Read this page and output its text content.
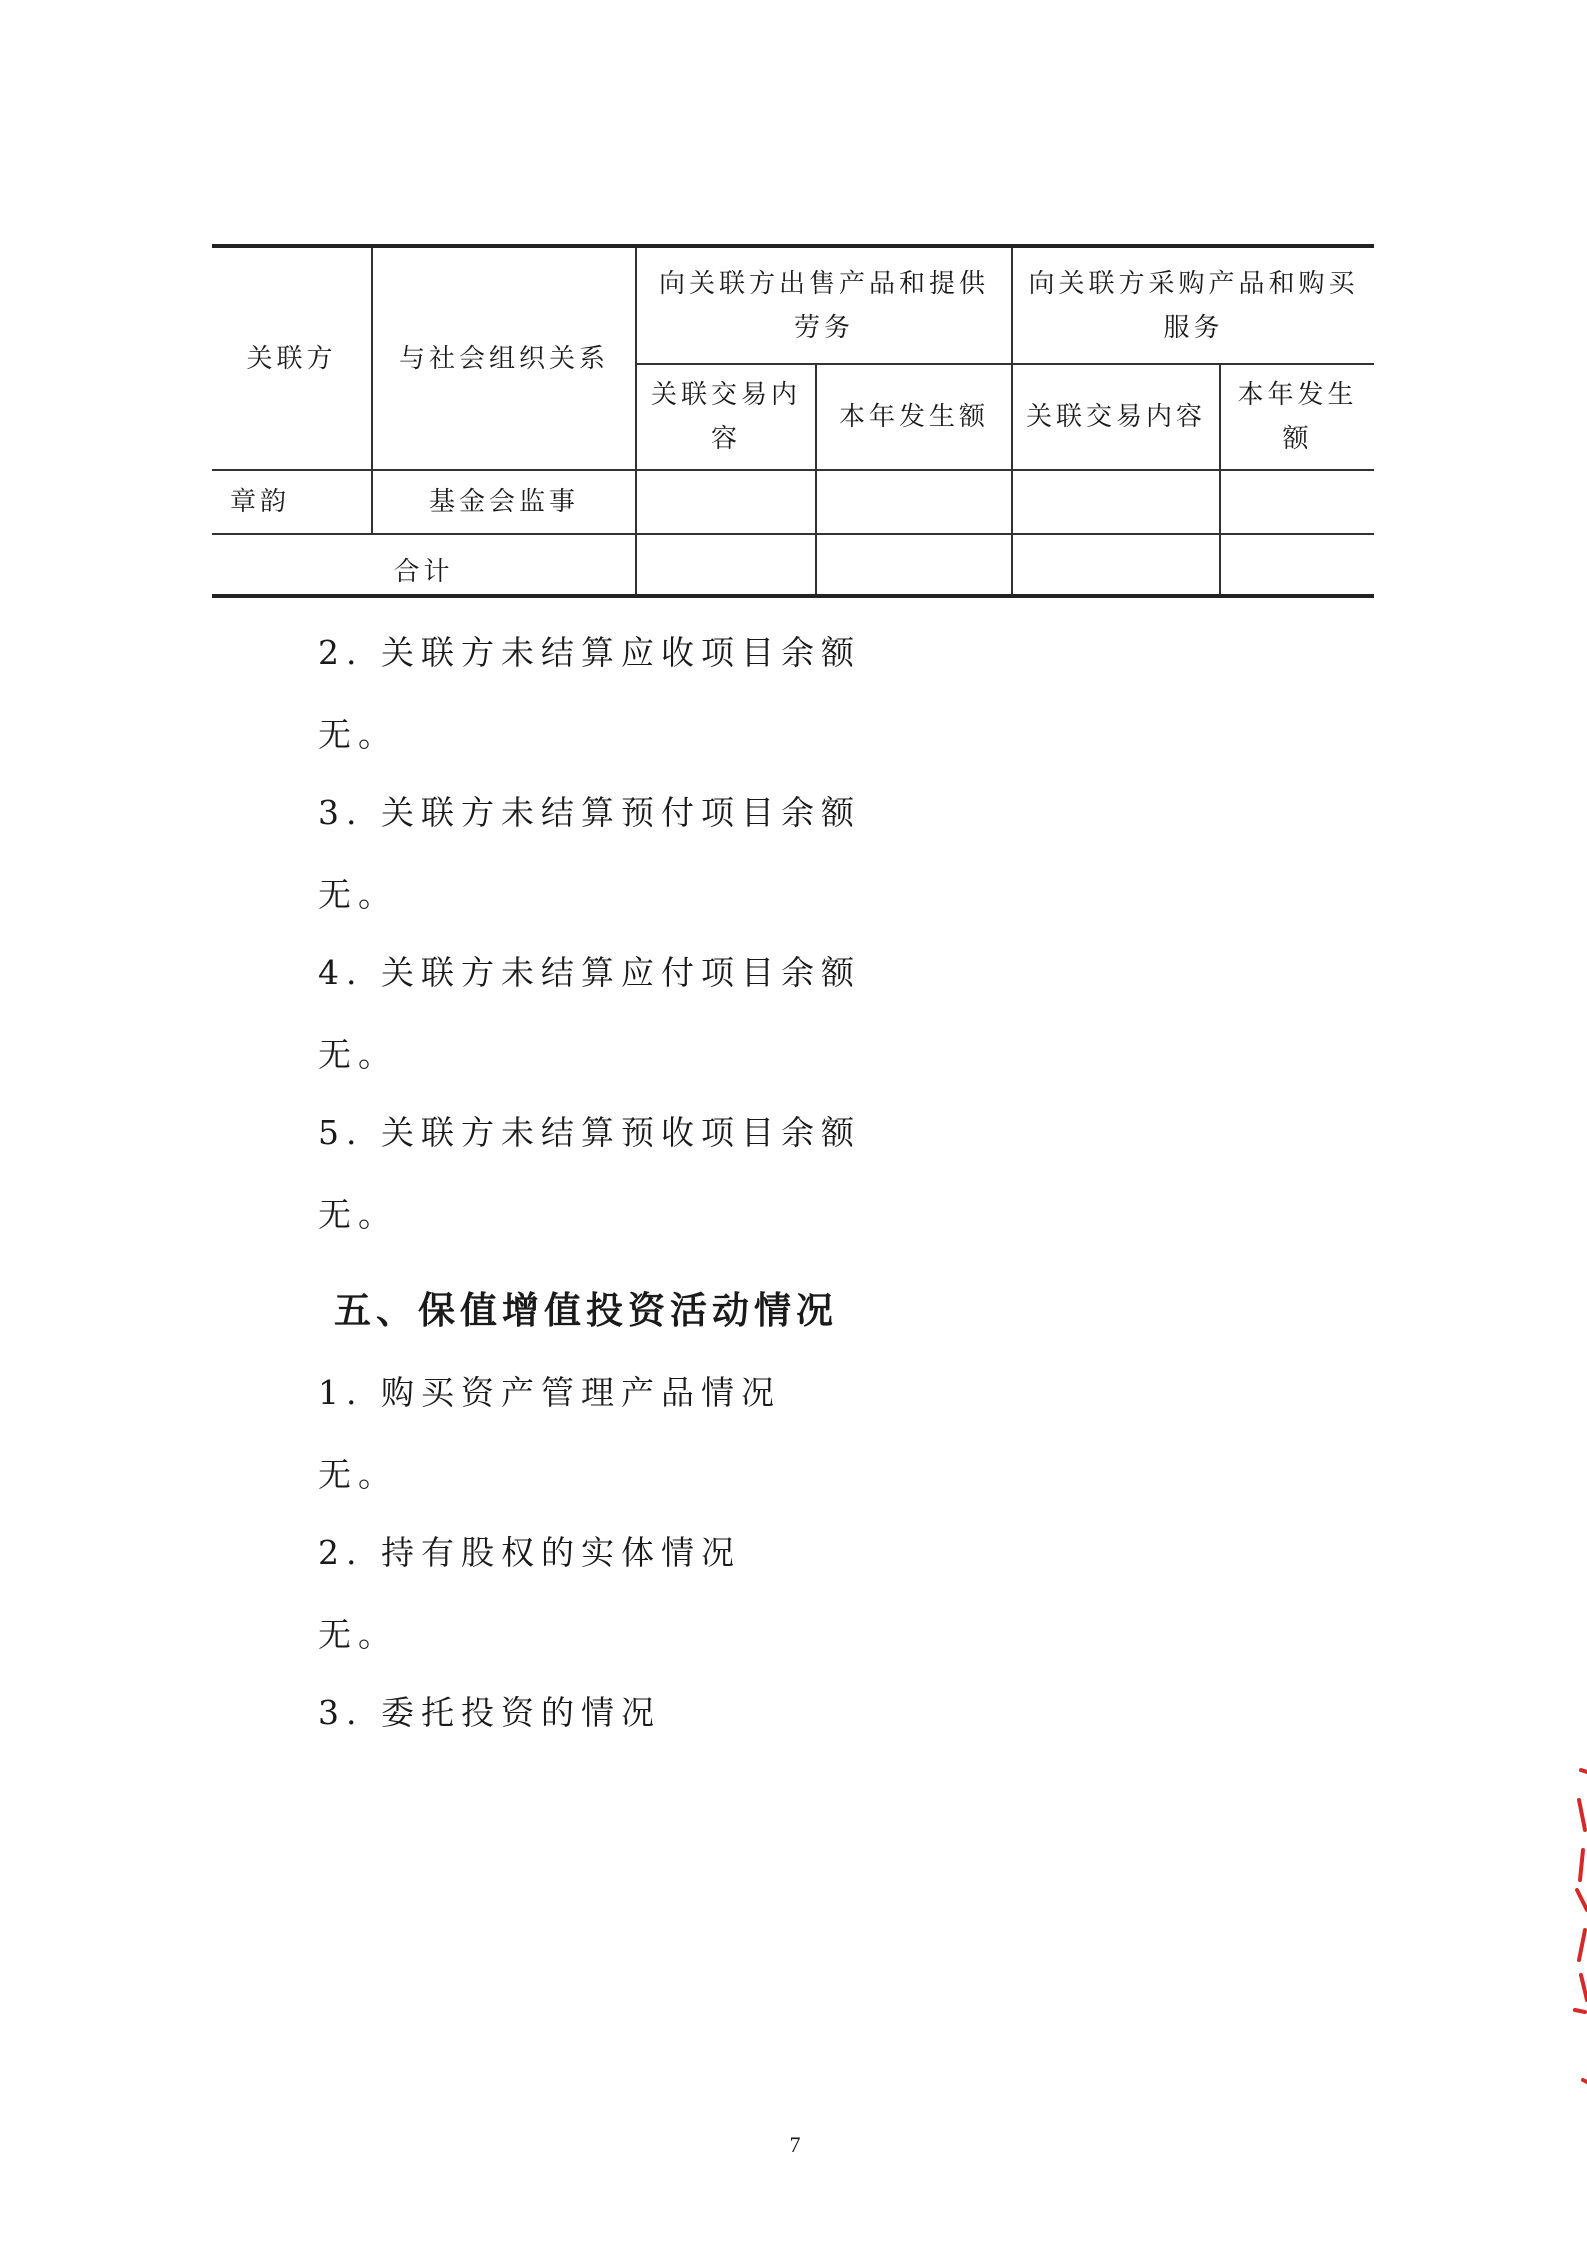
关联方	与社会组织关系	向关联方出售产品和提供劳务		向关联方采购产品和购买服务	
		关联交易内容	本年发生额	关联交易内容	本年发生额
章韵	基金会监事				
合计					
2. 关联方未结算应收项目余额
无。
3. 关联方未结算预付项目余额
无。
4. 关联方未结算应付项目余额
无。
5. 关联方未结算预收项目余额
无。
五、保值增值投资活动情况
1. 购买资产管理产品情况
无。
2. 持有股权的实体情况
无。
3. 委托投资的情况
7
